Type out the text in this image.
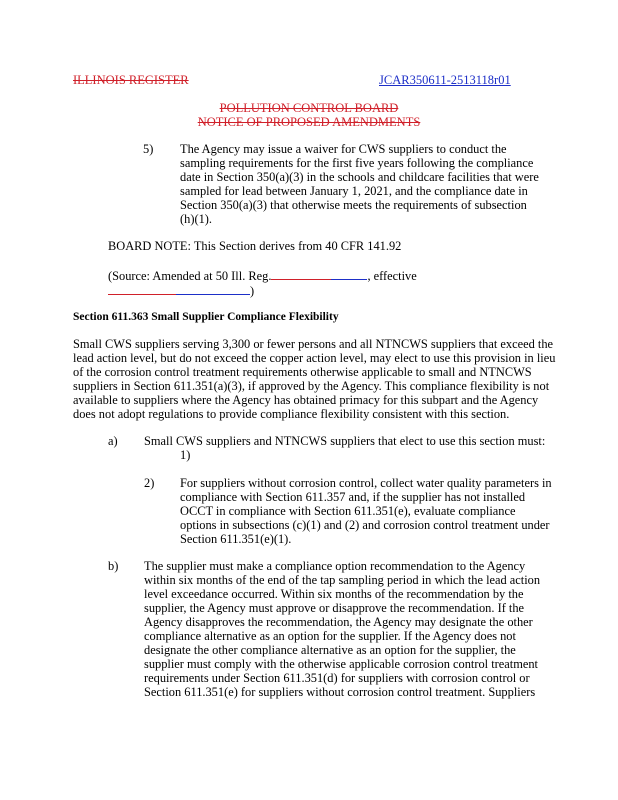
ILLINOIS REGISTER	JCAR350611-2513118r01
POLLUTION CONTROL BOARD
NOTICE OF PROPOSED AMENDMENTS
5) The Agency may issue a waiver for CWS suppliers to conduct the
sampling requirements for the first five years following the compliance
date in Section 350(a)(3) in the schools and childcare facilities that were
sampled for lead between January 1, 2021, and the compliance date in
Section 350(a)(3) that otherwise meets the requirements of subsection
(h)(1).
BOARD NOTE: This Section derives from 40 CFR 141.92
(Source: Amended at 50 Ill. Reg.	, effective
)
Section 611.363 Small Supplier Compliance Flexibility
Small CWS suppliers serving 3,300 or fewer persons and all NTNCWS suppliers that exceed the
lead action level, but do not exceed the copper action level, may elect to use this provision in lieu
of the corrosion control treatment requirements otherwise applicable to small and NTNCWS
suppliers in Section 611.351(a)(3), if approved by the Agency. This compliance flexibility is not
available to suppliers where the Agency has obtained primacy for this subpart and the Agency
does not adopt regulations to provide compliance flexibility consistent with this section.
a) Small CWS suppliers and NTNCWS suppliers that elect to use this section must:
1)
2) For suppliers without corrosion control, collect water quality parameters in
compliance with Section 611.357 and, if the supplier has not installed
OCCT in compliance with Section 611.351(e), evaluate compliance
options in subsections (c)(1) and (2) and corrosion control treatment under
Section 611.351(e)(1).
b) The supplier must make a compliance option recommendation to the Agency
within six months of the end of the tap sampling period in which the lead action
level exceedance occurred. Within six months of the recommendation by the
supplier, the Agency must approve or disapprove the recommendation. If the
Agency disapproves the recommendation, the Agency may designate the other
compliance alternative as an option for the supplier. If the Agency does not
designate the other compliance alternative as an option for the supplier, the
supplier must comply with the otherwise applicable corrosion control treatment
requirements under Section 611.351(d) for suppliers with corrosion control or
Section 611.351(e) for suppliers without corrosion control treatment. Suppliers
